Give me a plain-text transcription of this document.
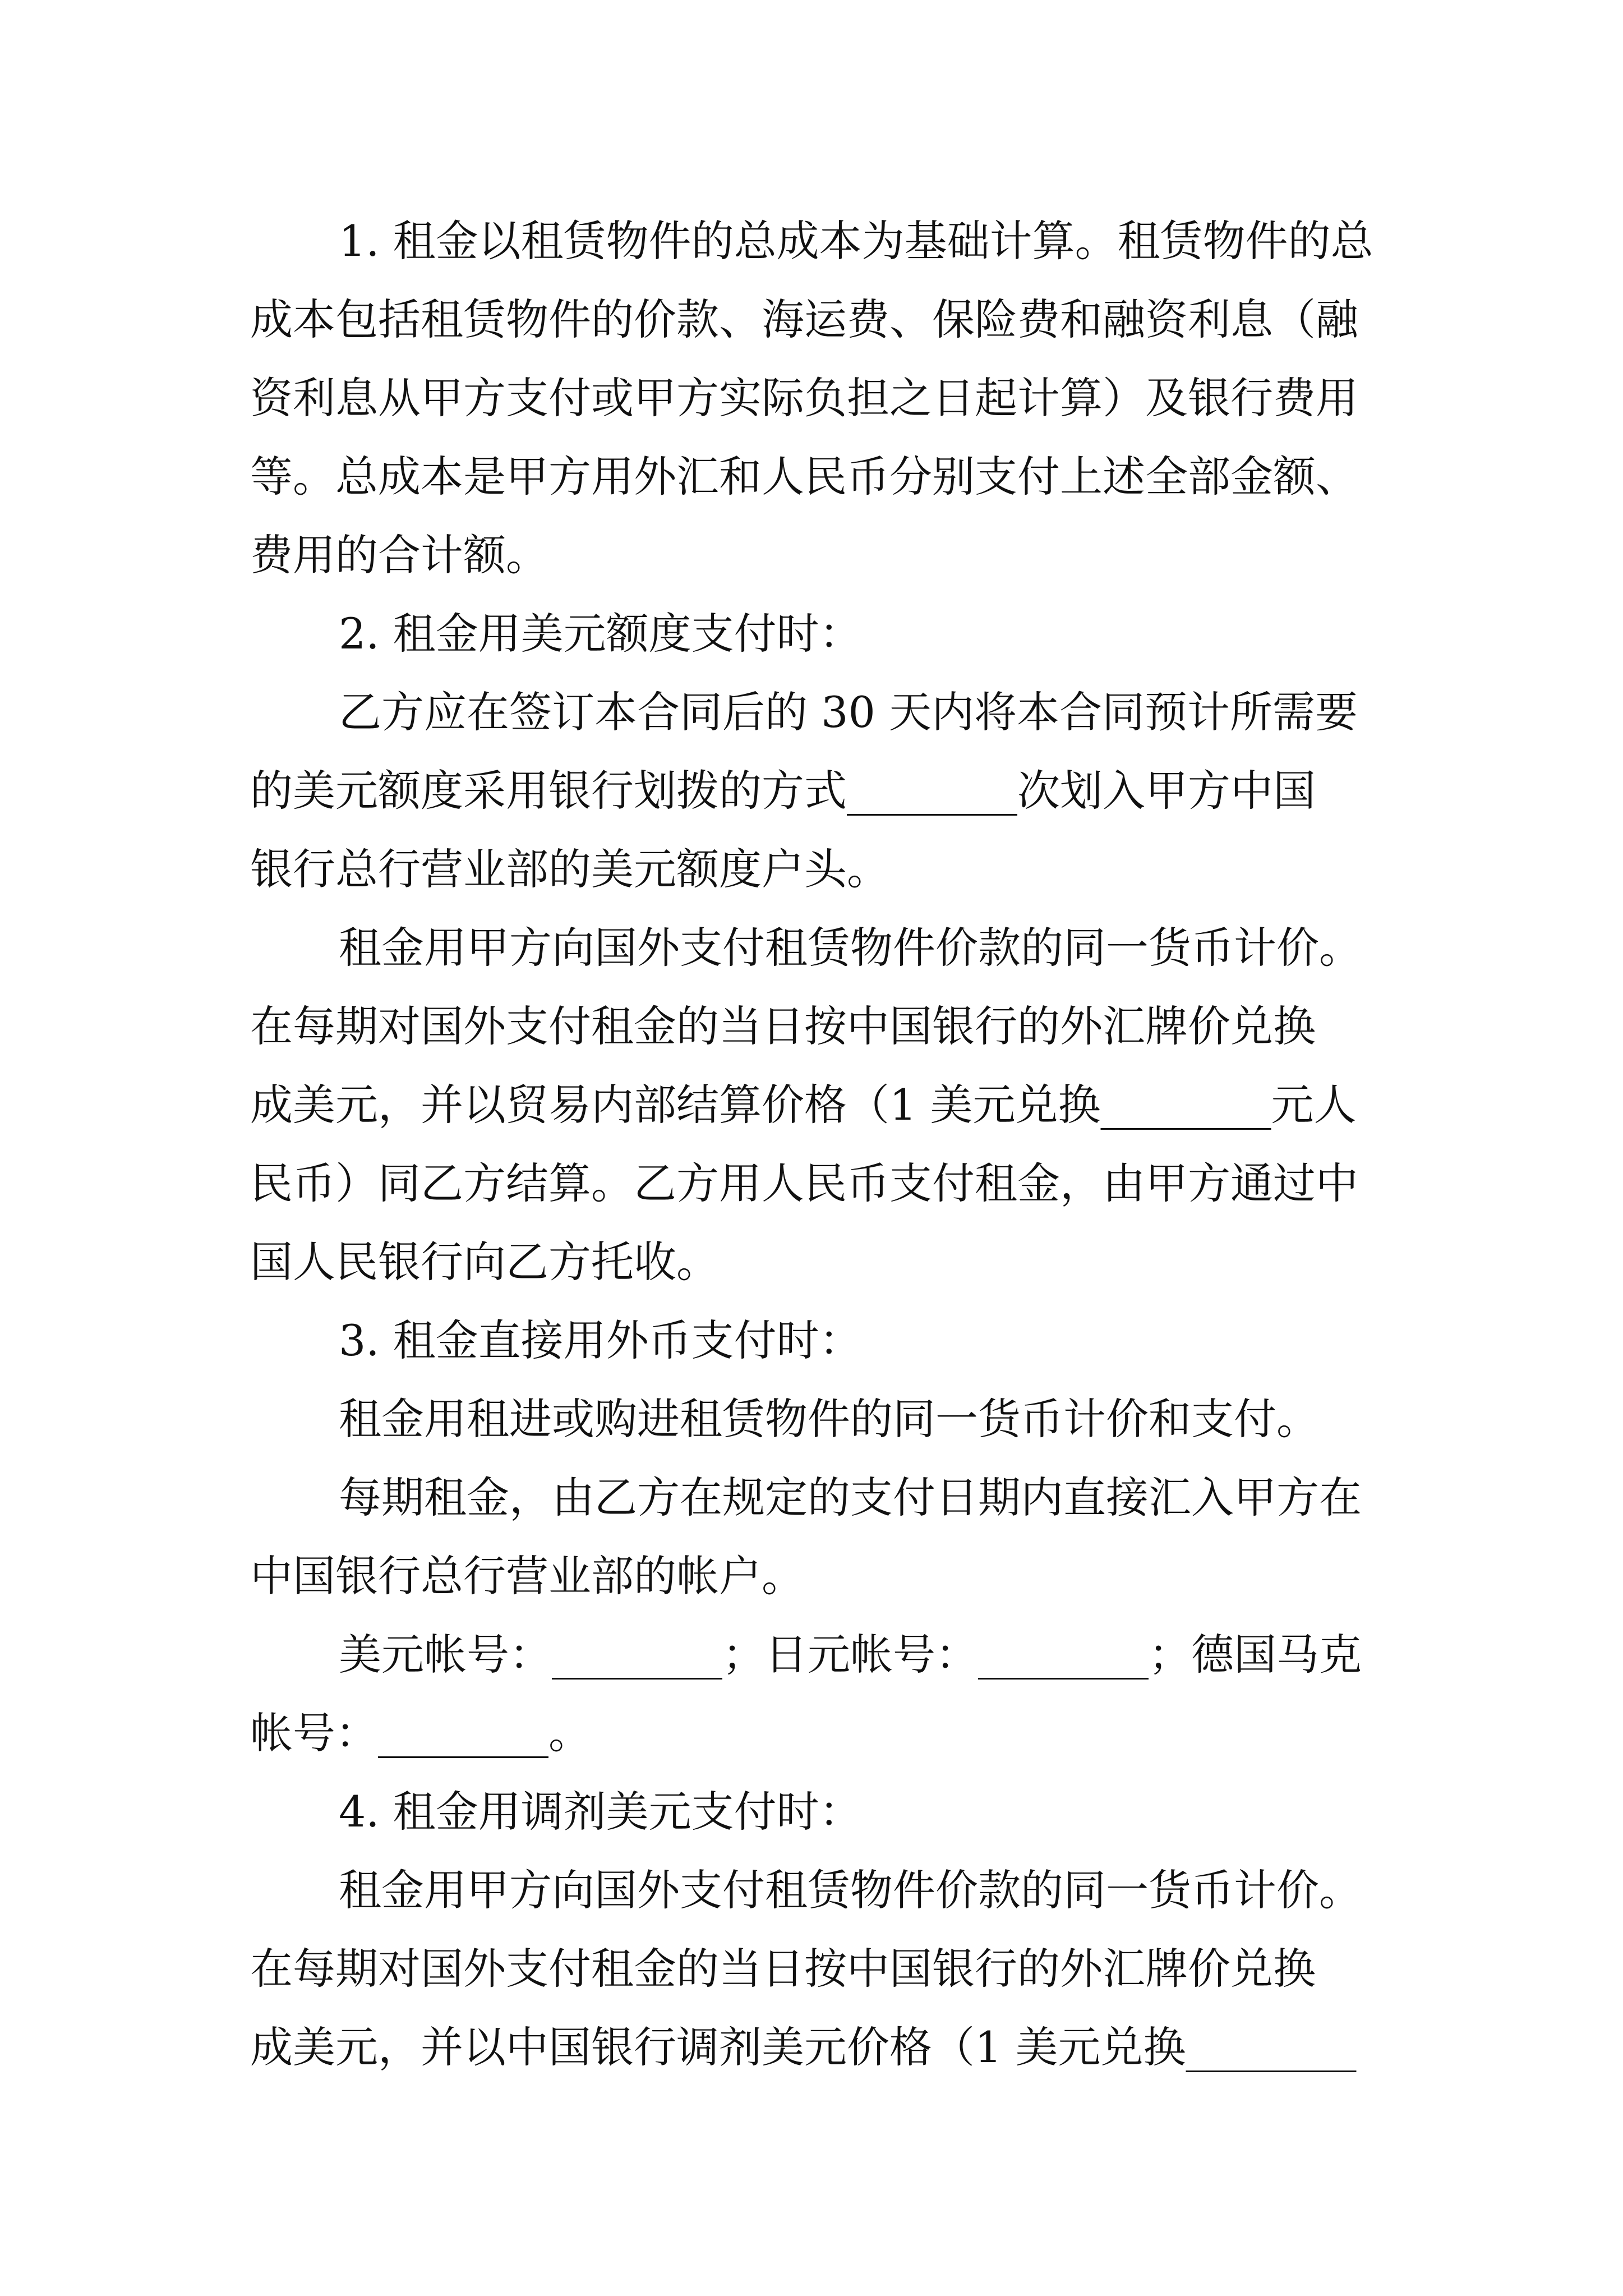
1. 租金以租赁物件的总成本为基础计算。租赁物件的总
成本包括租赁物件的价款、海运费、保险费和融资利息（融
资利息从甲方支付或甲方实际负担之日起计算）及银行费用
等。总成本是甲方用外汇和人民币分别支付上述全部金额、
费用的合计额。
2. 租金用美元额度支付时：
乙方应在签订本合同后的 30 天内将本合同预计所需要
的美元额度采用银行划拨的方式________次划入甲方中国
银行总行营业部的美元额度户头。
租金用甲方向国外支付租赁物件价款的同一货币计价。
在每期对国外支付租金的当日按中国银行的外汇牌价兑换
成美元，并以贸易内部结算价格（1 美元兑换________元人
民币）同乙方结算。乙方用人民币支付租金，由甲方通过中
国人民银行向乙方托收。
3. 租金直接用外币支付时：
租金用租进或购进租赁物件的同一货币计价和支付。
每期租金，由乙方在规定的支付日期内直接汇入甲方在
中国银行总行营业部的帐户。
美元帐号：________；日元帐号：________；德国马克
帐号：________。
4. 租金用调剂美元支付时：
租金用甲方向国外支付租赁物件价款的同一货币计价。
在每期对国外支付租金的当日按中国银行的外汇牌价兑换
成美元，并以中国银行调剂美元价格（1 美元兑换________
